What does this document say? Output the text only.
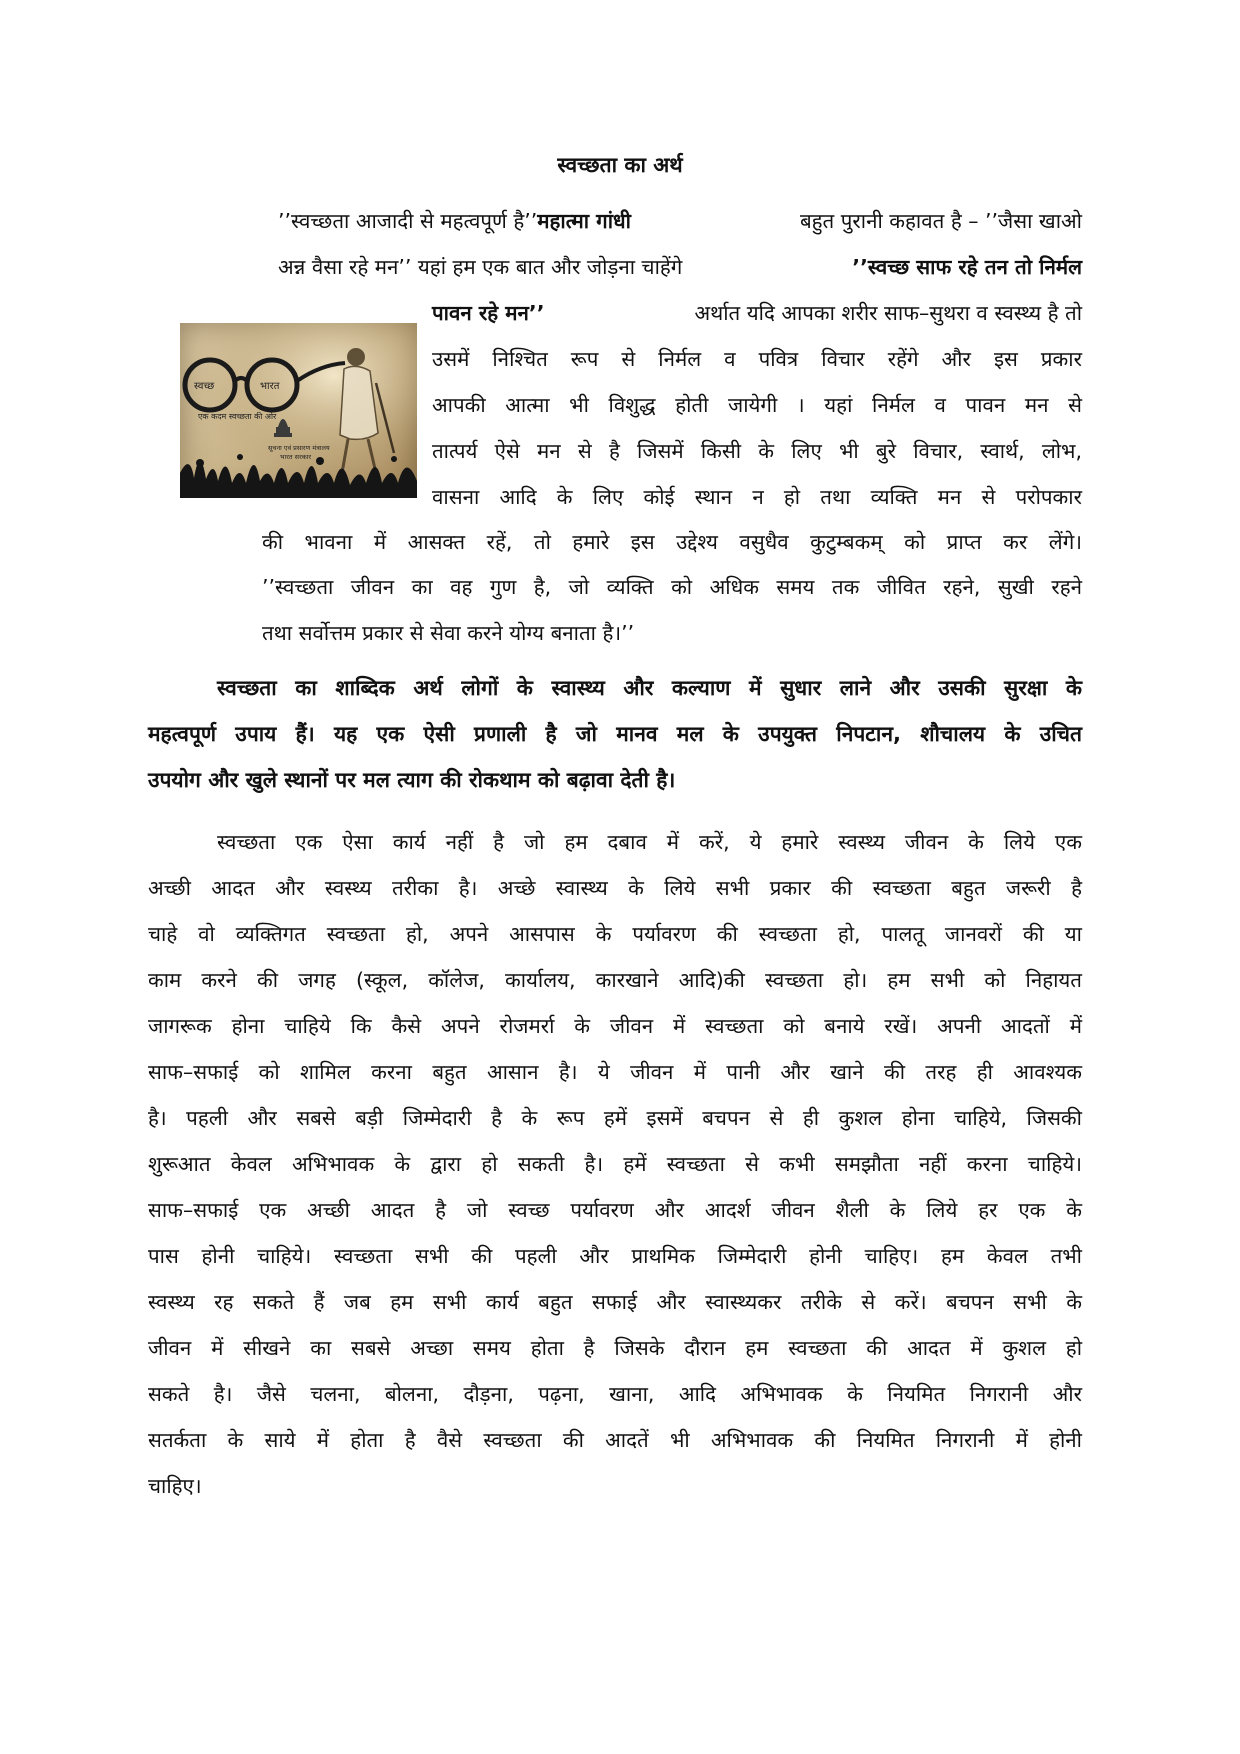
स्वच्छता का अर्थ
’’स्वच्छता आजादी से महत्वपूर्ण है’’महात्मा गांधी	बहुत पुरानी कहावत है – ’’जैसा खाओ
अन्न वैसा रहे मन’’ यहां हम एक बात और जोड़ना चाहेंगे	’’स्वच्छ साफ रहे तन तो निर्मल
पावन रहे मन’’	अर्थात यदि आपका शरीर साफ–सुथरा व स्वस्थ्य है तो
उसमें निश्चित रूप से निर्मल व पवित्र विचार रहेंगे और इस प्रकार
आपकी आत्मा भी विशुद्ध होती जायेगी । यहां निर्मल व पावन मन से
तात्पर्य ऐसे मन से है जिसमें किसी के लिए भी बुरे विचार, स्वार्थ, लोभ,
वासना आदि के लिए कोई स्थान न हो तथा व्यक्ति मन से परोपकार
की भावना में आसक्त रहें, तो हमारे इस उद्देश्य वसुधैव कुटुम्बकम् को प्राप्त कर लेंगे।
’’स्वच्छता जीवन का वह गुण है, जो व्यक्ति को अधिक समय तक जीवित रहने, सुखी रहने
तथा सर्वोत्तम प्रकार से सेवा करने योग्य बनाता है।’’
स्वच्छ	भारत
एक कदम स्वच्छता की ओर
सूचना एवं प्रसारण मंत्रालय
भारत सरकार
स्वच्छता का शाब्दिक अर्थ लोगों के स्वास्थ्य और कल्याण में सुधार लाने और उसकी सुरक्षा के
महत्वपूर्ण उपाय हैं। यह एक ऐसी प्रणाली है जो मानव मल के उपयुक्त निपटान, शौचालय के उचित
उपयोग और खुले स्थानों पर मल त्याग की रोकथाम को बढ़ावा देती है।
स्वच्छता एक ऐसा कार्य नहीं है जो हम दबाव में करें, ये हमारे स्वस्थ्य जीवन के लिये एक
अच्छी आदत और स्वस्थ्य तरीका है। अच्छे स्वास्थ्य के लिये सभी प्रकार की स्वच्छता बहुत जरूरी है
चाहे वो व्यक्तिगत स्वच्छता हो, अपने आसपास के पर्यावरण की स्वच्छता हो, पालतू जानवरों की या
काम करने की जगह (स्कूल, कॉलेज, कार्यालय, कारखाने आदि)की स्वच्छता हो। हम सभी को निहायत
जागरूक होना चाहिये कि कैसे अपने रोजमर्रा के जीवन में स्वच्छता को बनाये रखें। अपनी आदतों में
साफ–सफाई को शामिल करना बहुत आसान है। ये जीवन में पानी और खाने की तरह ही आवश्यक
है। पहली और सबसे बड़ी जिम्मेदारी है के रूप हमें इसमें बचपन से ही कुशल होना चाहिये, जिसकी
शुरूआत केवल अभिभावक के द्वारा हो सकती है। हमें स्वच्छता से कभी समझौता नहीं करना चाहिये।
साफ–सफाई एक अच्छी आदत है जो स्वच्छ पर्यावरण और आदर्श जीवन शैली के लिये हर एक के
पास होनी चाहिये। स्वच्छता सभी की पहली और प्राथमिक जिम्मेदारी होनी चाहिए। हम केवल तभी
स्वस्थ्य रह सकते हैं जब हम सभी कार्य बहुत सफाई और स्वास्थ्यकर तरीके से करें। बचपन सभी के
जीवन में सीखने का सबसे अच्छा समय होता है जिसके दौरान हम स्वच्छता की आदत में कुशल हो
सकते है। जैसे चलना, बोलना, दौड़ना, पढ़ना, खाना, आदि अभिभावक के नियमित निगरानी और
सतर्कता के साये में होता है वैसे स्वच्छता की आदतें भी अभिभावक की नियमित निगरानी में होनी
चाहिए।
